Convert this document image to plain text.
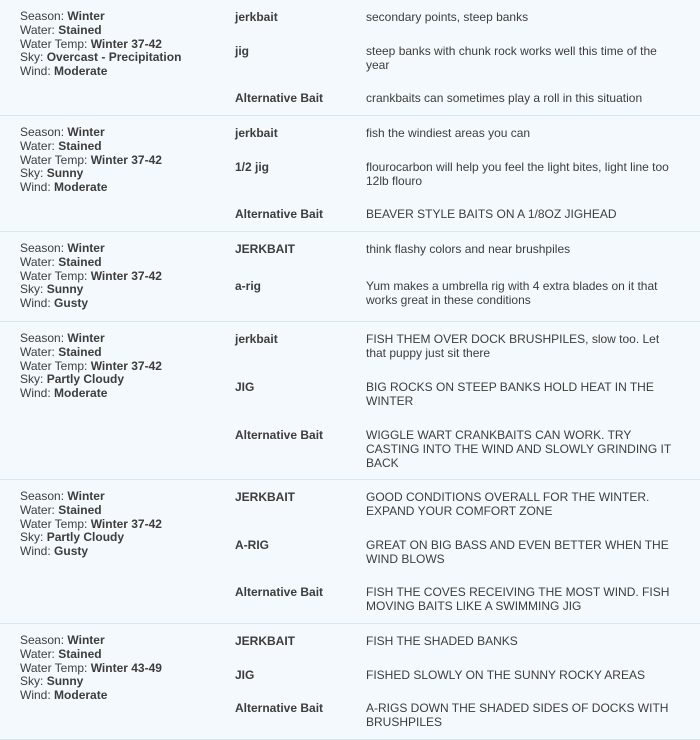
Season: Winter
Water: Stained
Water Temp: Winter 37-42
Sky: Overcast - Precipitation
Wind: Moderate
jerkbait	secondary points, steep banks
jig	steep banks with chunk rock works well this time of the year
Alternative Bait	crankbaits can sometimes play a roll in this situation
Season: Winter
Water: Stained
Water Temp: Winter 37-42
Sky: Sunny
Wind: Moderate
jerkbait	fish the windiest areas you can
1/2 jig	flourocarbon will help you feel the light bites, light line too 12lb flouro
Alternative Bait	BEAVER STYLE BAITS ON A 1/8OZ JIGHEAD
Season: Winter
Water: Stained
Water Temp: Winter 37-42
Sky: Sunny
Wind: Gusty
JERKBAIT	think flashy colors and near brushpiles
a-rig	Yum makes a umbrella rig with 4 extra blades on it that works great in these conditions
Season: Winter
Water: Stained
Water Temp: Winter 37-42
Sky: Partly Cloudy
Wind: Moderate
jerkbait	FISH THEM OVER DOCK BRUSHPILES, slow too. Let that puppy just sit there
JIG	BIG ROCKS ON STEEP BANKS HOLD HEAT IN THE WINTER
Alternative Bait	WIGGLE WART CRANKBAITS CAN WORK. TRY CASTING INTO THE WIND AND SLOWLY GRINDING IT BACK
Season: Winter
Water: Stained
Water Temp: Winter 37-42
Sky: Partly Cloudy
Wind: Gusty
JERKBAIT	GOOD CONDITIONS OVERALL FOR THE WINTER. EXPAND YOUR COMFORT ZONE
A-RIG	GREAT ON BIG BASS AND EVEN BETTER WHEN THE WIND BLOWS
Alternative Bait	FISH THE COVES RECEIVING THE MOST WIND. FISH MOVING BAITS LIKE A SWIMMING JIG
Season: Winter
Water: Stained
Water Temp: Winter 43-49
Sky: Sunny
Wind: Moderate
JERKBAIT	FISH THE SHADED BANKS
JIG	FISHED SLOWLY ON THE SUNNY ROCKY AREAS
Alternative Bait	A-RIGS DOWN THE SHADED SIDES OF DOCKS WITH BRUSHPILES
